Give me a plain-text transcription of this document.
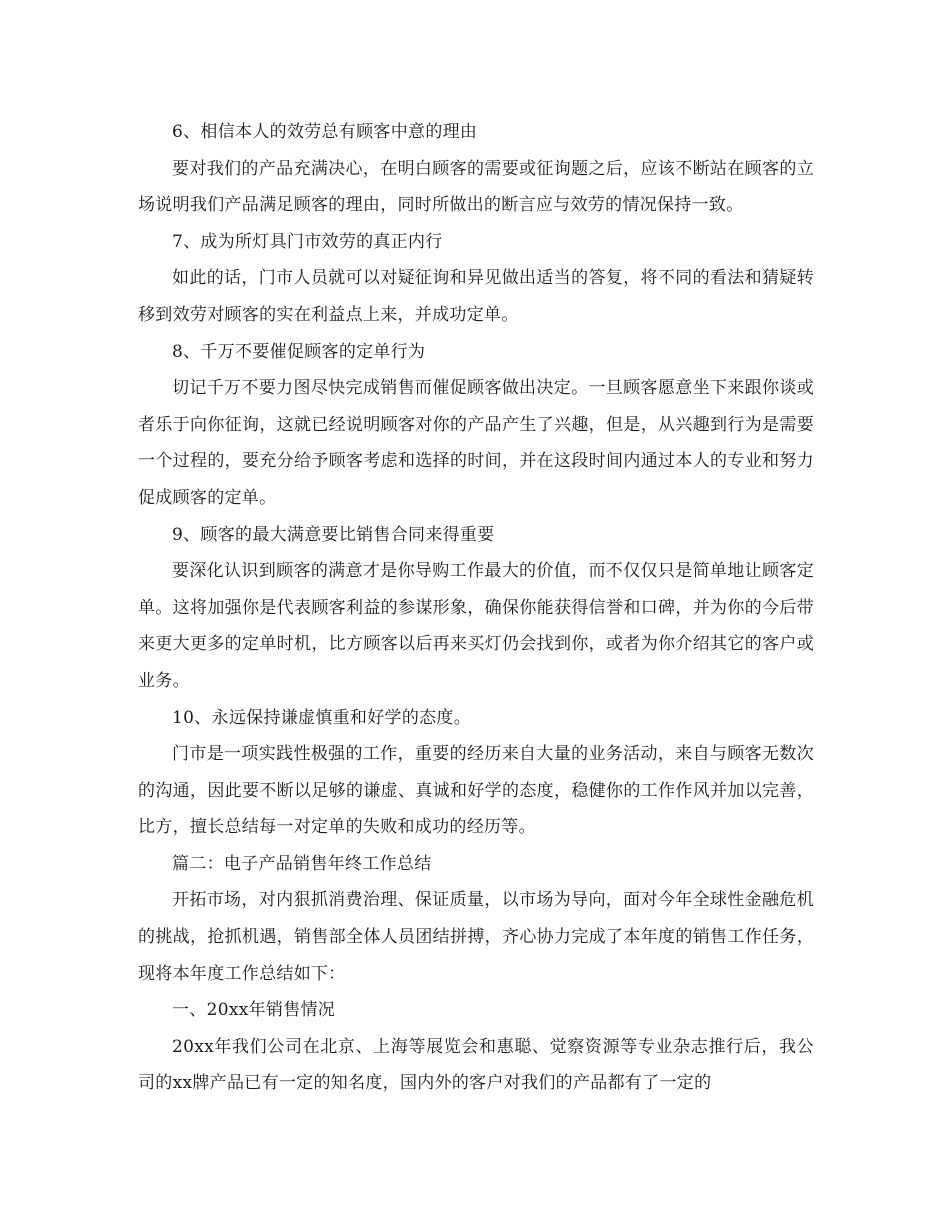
6、相信本人的效劳总有顾客中意的理由

要对我们的产品充满决心，在明白顾客的需要或征询题之后，应该不断站在顾客的立场说明我们产品满足顾客的理由，同时所做出的断言应与效劳的情况保持一致。

7、成为所灯具门市效劳的真正内行

如此的话，门市人员就可以对疑征询和异见做出适当的答复，将不同的看法和猜疑转移到效劳对顾客的实在利益点上来，并成功定单。

8、千万不要催促顾客的定单行为

切记千万不要力图尽快完成销售而催促顾客做出决定。一旦顾客愿意坐下来跟你谈或者乐于向你征询，这就已经说明顾客对你的产品产生了兴趣，但是，从兴趣到行为是需要一个过程的，要充分给予顾客考虑和选择的时间，并在这段时间内通过本人的专业和努力促成顾客的定单。

9、顾客的最大满意要比销售合同来得重要

要深化认识到顾客的满意才是你导购工作最大的价值，而不仅仅只是简单地让顾客定单。这将加强你是代表顾客利益的参谋形象，确保你能获得信誉和口碑，并为你的今后带来更大更多的定单时机，比方顾客以后再来买灯仍会找到你，或者为你介绍其它的客户或业务。

10、永远保持谦虚慎重和好学的态度。

门市是一项实践性极强的工作，重要的经历来自大量的业务活动，来自与顾客无数次的沟通，因此要不断以足够的谦虚、真诚和好学的态度，稳健你的工作作风并加以完善，比方，擅长总结每一对定单的失败和成功的经历等。

篇二：电子产品销售年终工作总结

开拓市场，对内狠抓消费治理、保证质量，以市场为导向，面对今年全球性金融危机的挑战，抢抓机遇，销售部全体人员团结拼搏，齐心协力完成了本年度的销售工作任务，现将本年度工作总结如下：

一、20xx年销售情况

20xx年我们公司在北京、上海等展览会和惠聪、觉察资源等专业杂志推行后，我公司的xx牌产品已有一定的知名度，国内外的客户对我们的产品都有了一定的
